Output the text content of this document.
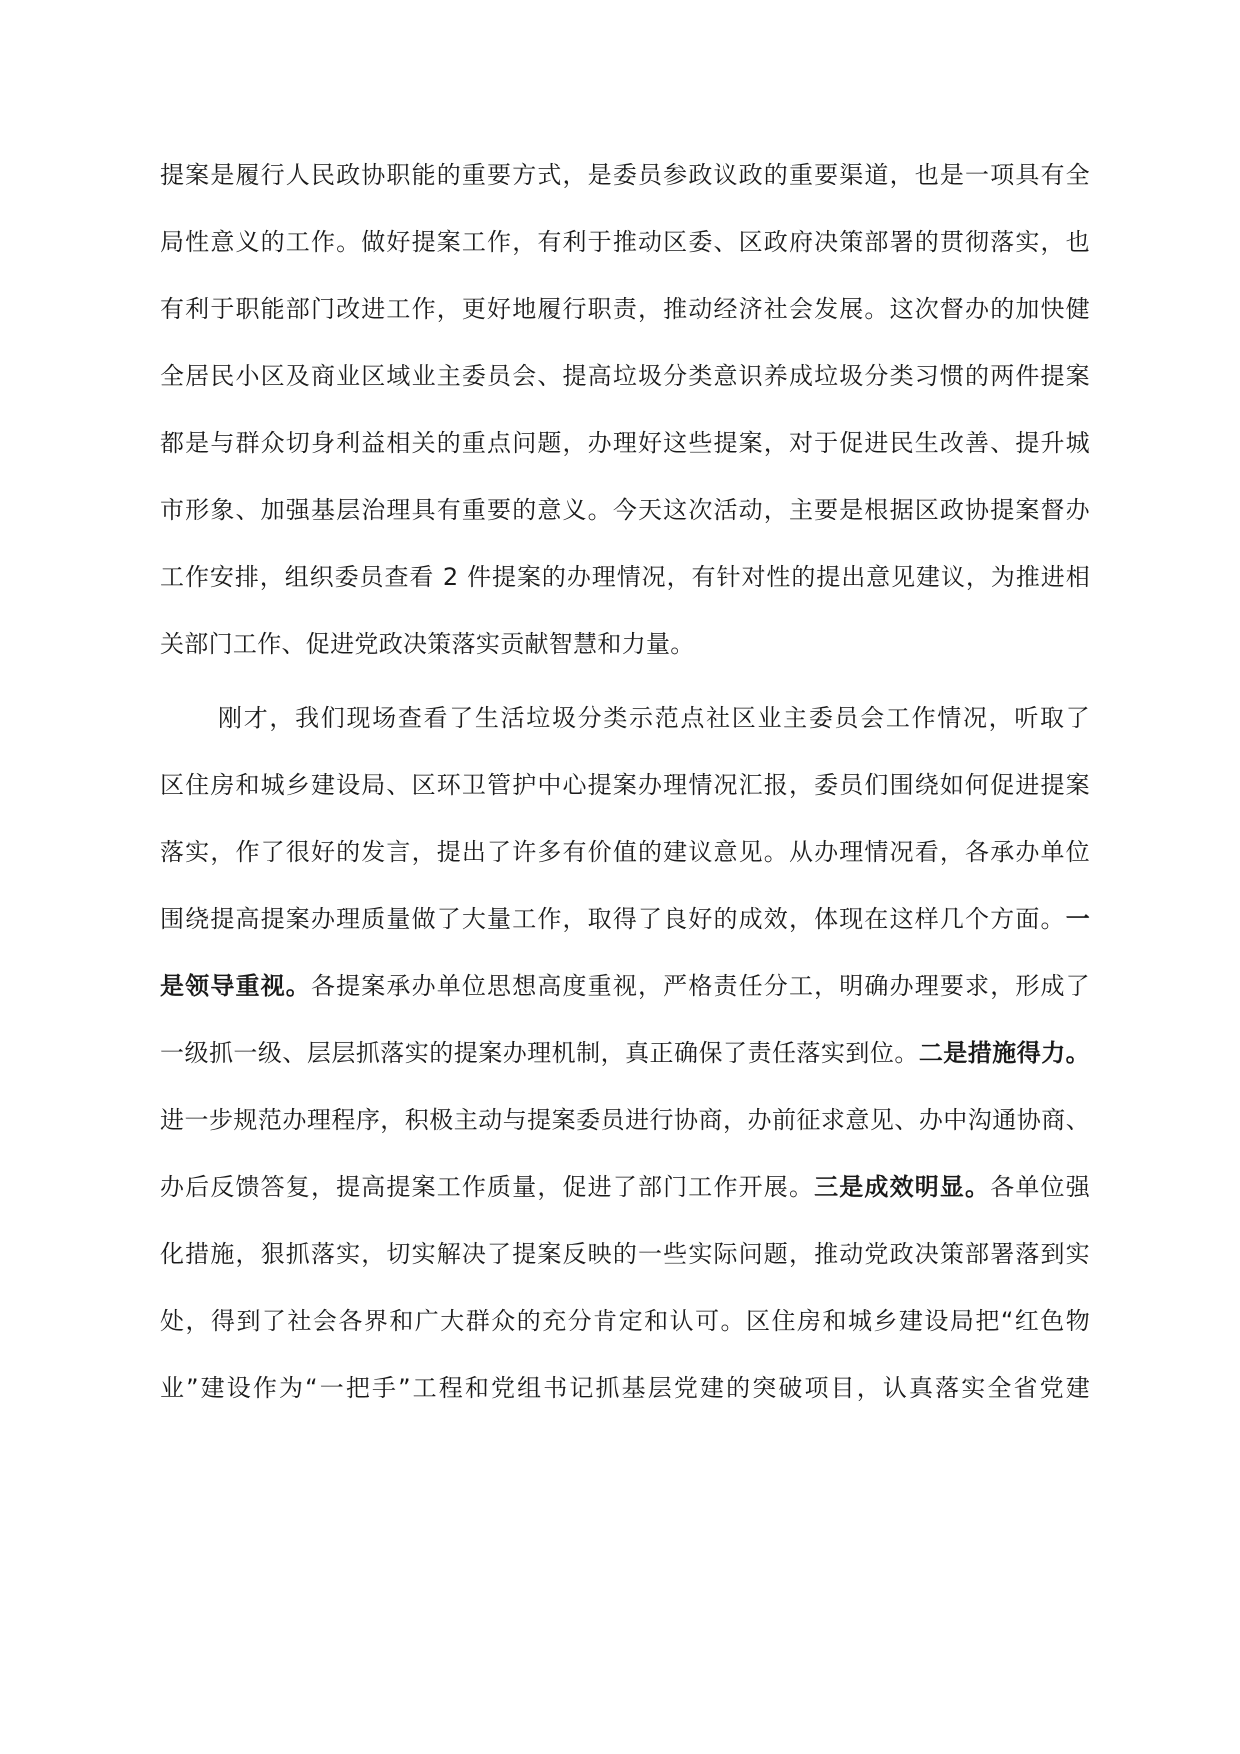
提案是履行人民政协职能的重要方式，是委员参政议政的重要渠道，也是一项具有全
局性意义的工作。做好提案工作，有利于推动区委、区政府决策部署的贯彻落实，也
有利于职能部门改进工作，更好地履行职责，推动经济社会发展。这次督办的加快健
全居民小区及商业区域业主委员会、提高垃圾分类意识养成垃圾分类习惯的两件提案
都是与群众切身利益相关的重点问题，办理好这些提案，对于促进民生改善、提升城
市形象、加强基层治理具有重要的意义。今天这次活动，主要是根据区政协提案督办
工作安排，组织委员查看 2 件提案的办理情况，有针对性的提出意见建议，为推进相
关部门工作、促进党政决策落实贡献智慧和力量。
刚才，我们现场查看了生活垃圾分类示范点社区业主委员会工作情况，听取了
区住房和城乡建设局、区环卫管护中心提案办理情况汇报，委员们围绕如何促进提案
落实，作了很好的发言，提出了许多有价值的建议意见。从办理情况看，各承办单位
围绕提高提案办理质量做了大量工作，取得了良好的成效，体现在这样几个方面。一
是领导重视。各提案承办单位思想高度重视，严格责任分工，明确办理要求，形成了
一级抓一级、层层抓落实的提案办理机制，真正确保了责任落实到位。二是措施得力。
进一步规范办理程序，积极主动与提案委员进行协商，办前征求意见、办中沟通协商、
办后反馈答复，提高提案工作质量，促进了部门工作开展。三是成效明显。各单位强
化措施，狠抓落实，切实解决了提案反映的一些实际问题，推动党政决策部署落到实
处，得到了社会各界和广大群众的充分肯定和认可。区住房和城乡建设局把“红色物
业”建设作为“一把手”工程和党组书记抓基层党建的突破项目，认真落实全省党建
